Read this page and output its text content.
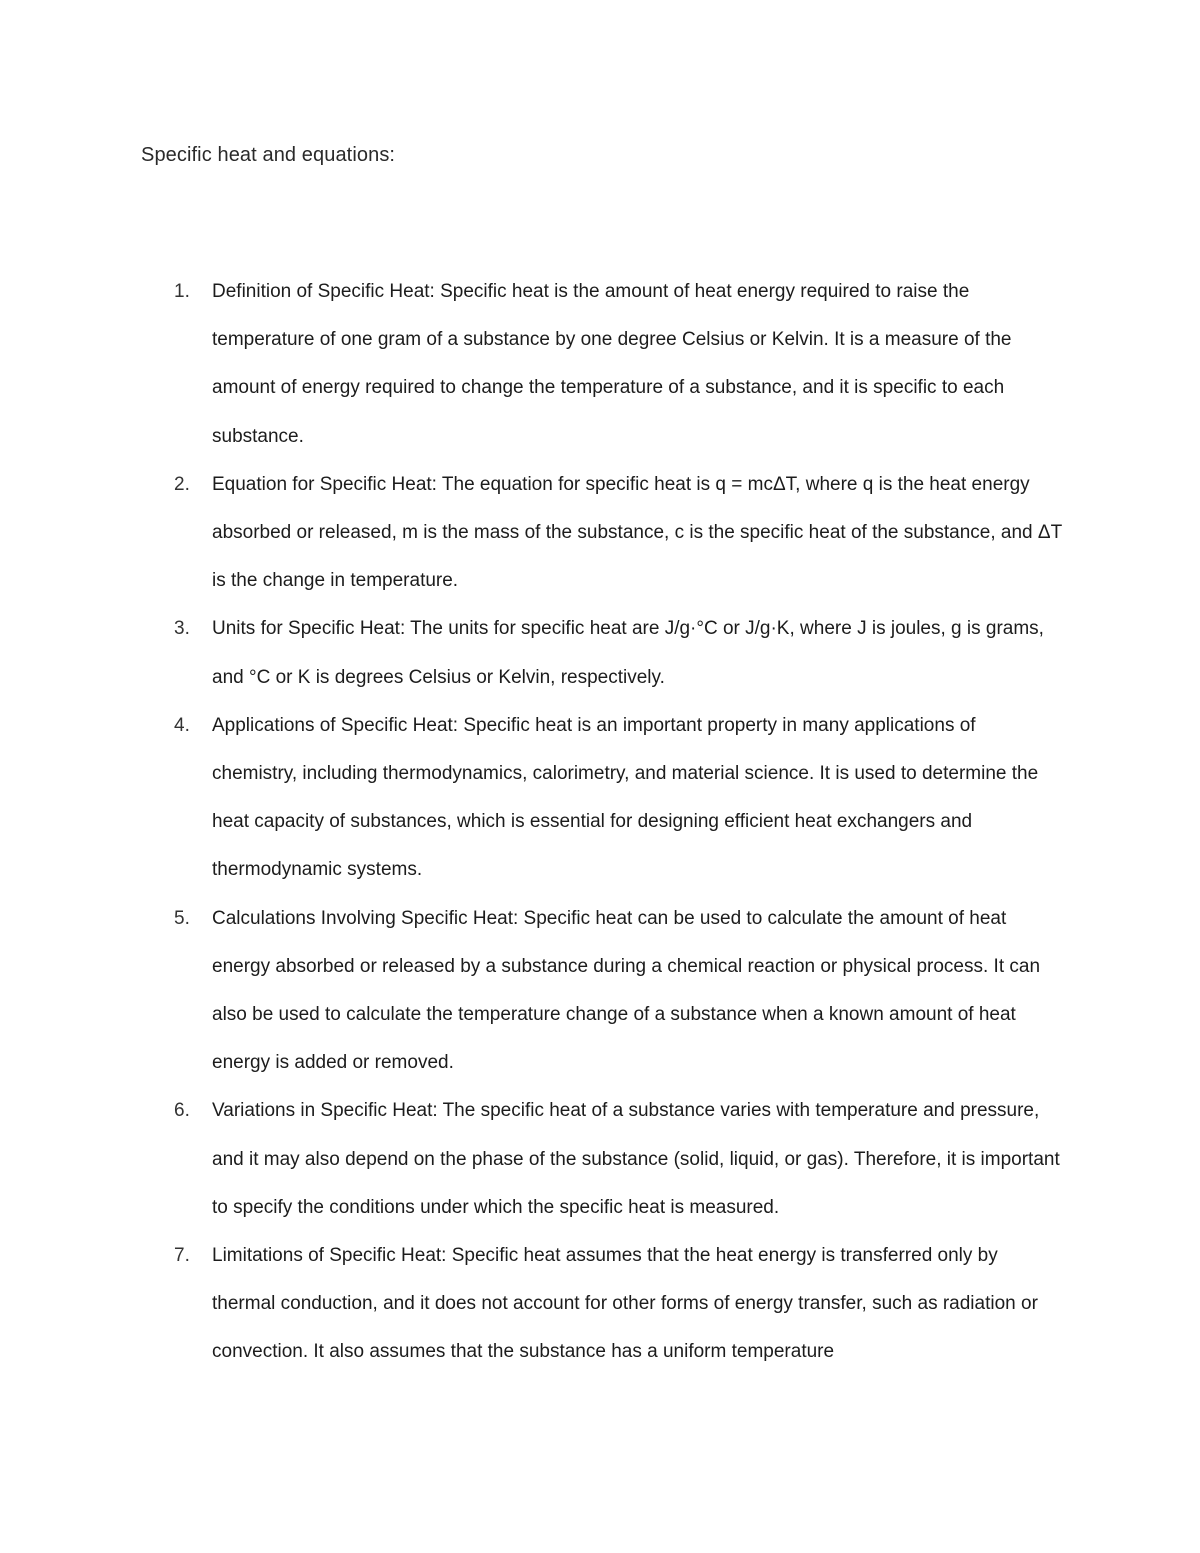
Specific heat and equations:
1. Definition of Specific Heat: Specific heat is the amount of heat energy required to raise the temperature of one gram of a substance by one degree Celsius or Kelvin. It is a measure of the amount of energy required to change the temperature of a substance, and it is specific to each substance.
2. Equation for Specific Heat: The equation for specific heat is q = mcΔT, where q is the heat energy absorbed or released, m is the mass of the substance, c is the specific heat of the substance, and ΔT is the change in temperature.
3. Units for Specific Heat: The units for specific heat are J/g·°C or J/g·K, where J is joules, g is grams, and °C or K is degrees Celsius or Kelvin, respectively.
4. Applications of Specific Heat: Specific heat is an important property in many applications of chemistry, including thermodynamics, calorimetry, and material science. It is used to determine the heat capacity of substances, which is essential for designing efficient heat exchangers and thermodynamic systems.
5. Calculations Involving Specific Heat: Specific heat can be used to calculate the amount of heat energy absorbed or released by a substance during a chemical reaction or physical process. It can also be used to calculate the temperature change of a substance when a known amount of heat energy is added or removed.
6. Variations in Specific Heat: The specific heat of a substance varies with temperature and pressure, and it may also depend on the phase of the substance (solid, liquid, or gas). Therefore, it is important to specify the conditions under which the specific heat is measured.
7. Limitations of Specific Heat: Specific heat assumes that the heat energy is transferred only by thermal conduction, and it does not account for other forms of energy transfer, such as radiation or convection. It also assumes that the substance has a uniform temperature
